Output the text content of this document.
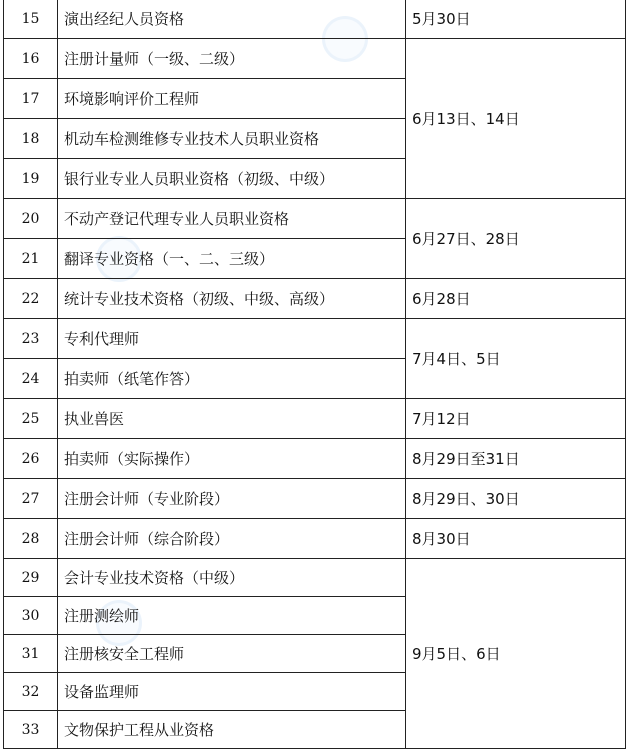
15	演出经纪人员资格	5月30日
16	注册计量师（一级、二级）	6月13日、14日
17	环境影响评价工程师	
18	机动车检测维修专业技术人员职业资格	
19	银行业专业人员职业资格（初级、中级）	
20	不动产登记代理专业人员职业资格	6月27日、28日
21	翻译专业资格（一、二、三级）	
22	统计专业技术资格（初级、中级、高级）	6月28日
23	专利代理师	7月4日、5日
24	拍卖师（纸笔作答）	
25	执业兽医	7月12日
26	拍卖师（实际操作）	8月29日至31日
27	注册会计师（专业阶段）	8月29日、30日
28	注册会计师（综合阶段）	8月30日
29	会计专业技术资格（中级）	9月5日、6日
30	注册测绘师	
31	注册核安全工程师	
32	设备监理师	
33	文物保护工程从业资格	
